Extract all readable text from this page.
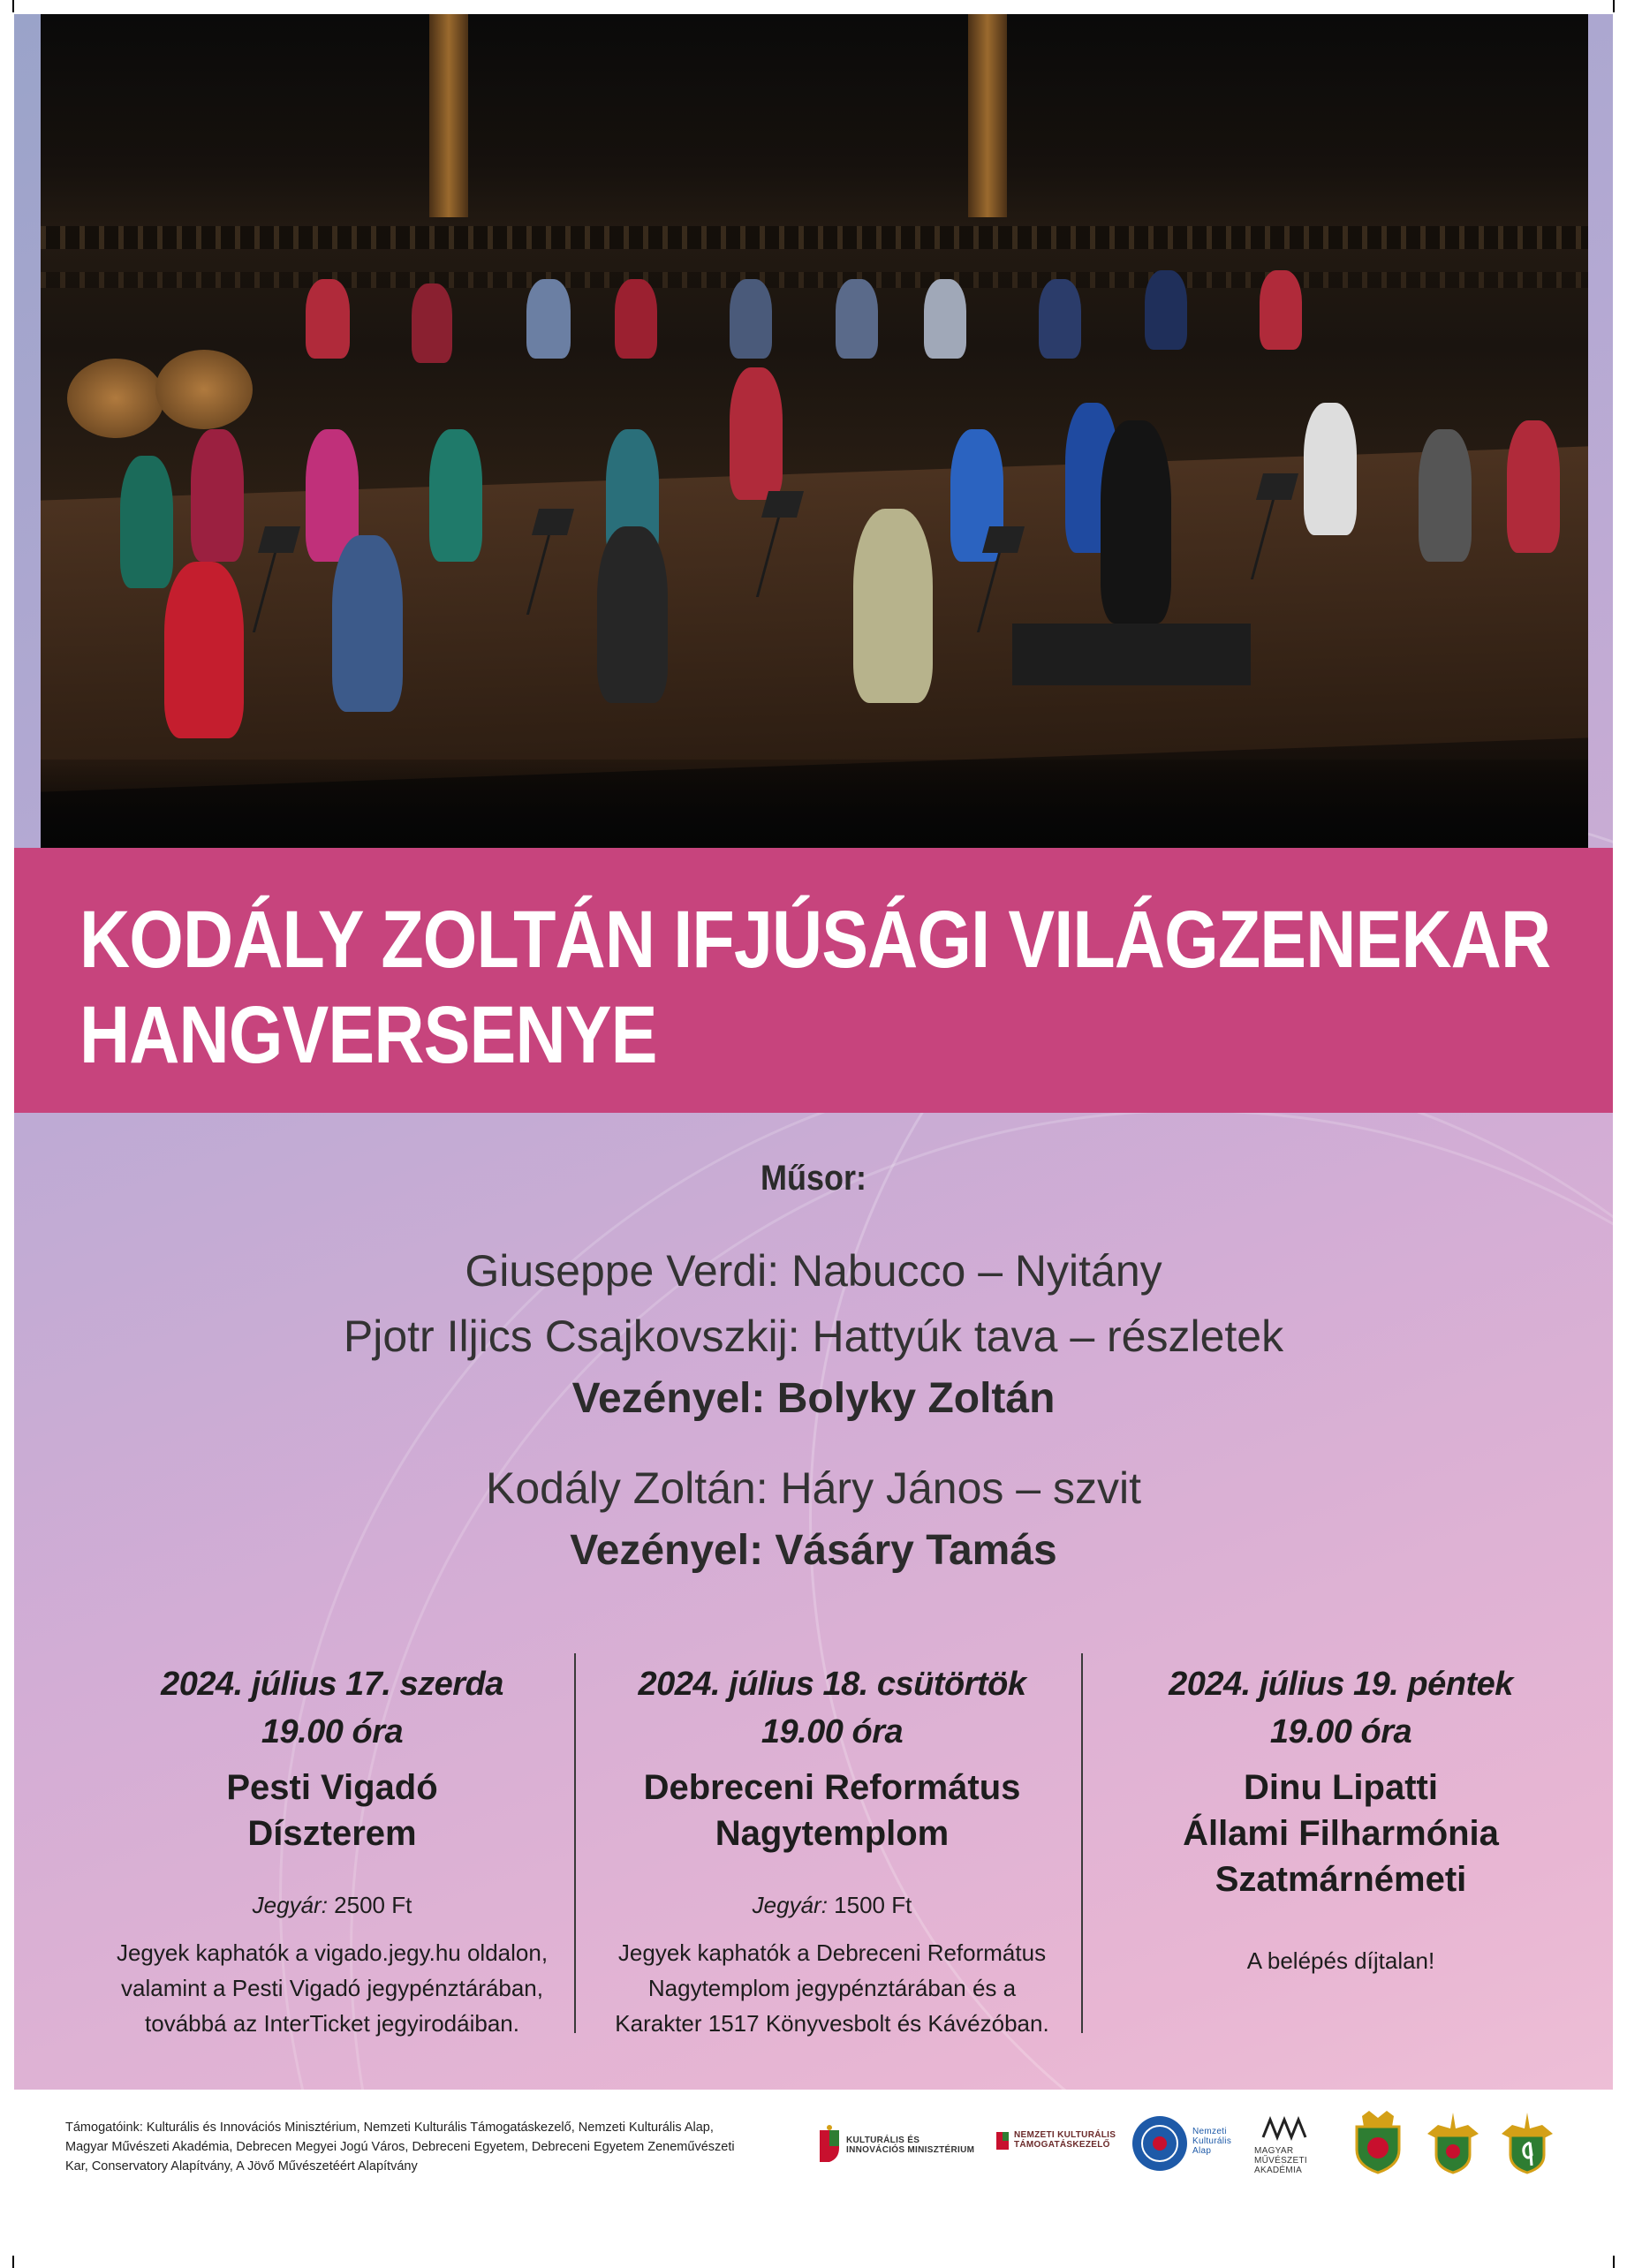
KODÁLY ZOLTÁN IFJÚSÁGI VILÁGZENEKAR
HANGVERSENYE
Műsor:
Giuseppe Verdi: Nabucco – Nyitány
Pjotr Iljics Csajkovszkij: Hattyúk tava – részletek
Vezényel: Bolyky Zoltán
Kodály Zoltán: Háry János – szvit
Vezényel: Vásáry Tamás
2024. július 17. szerda
19.00 óra
Pesti Vigadó
Díszterem
Jegyár: 2500 Ft
Jegyek kaphatók a vigado.jegy.hu oldalon,
valamint a Pesti Vigadó jegypénztárában,
továbbá az InterTicket jegyirodáiban.
2024. július 18. csütörtök
19.00 óra
Debreceni Református
Nagytemplom
Jegyár: 1500 Ft
Jegyek kaphatók a Debreceni Református
Nagytemplom jegypénztárában és a
Karakter 1517 Könyvesbolt és Kávézóban.
2024. július 19. péntek
19.00 óra
Dinu Lipatti
Állami Filharmónia
Szatmárnémeti
A belépés díjtalan!
Támogatóink: Kulturális és Innovációs Minisztérium, Nemzeti Kulturális Támogatáskezelő, Nemzeti Kulturális Alap, Magyar Művészeti Akadémia, Debrecen Megyei Jogú Város, Debreceni Egyetem, Debreceni Egyetem Zeneművészeti Kar, Conservatory Alapítvány, A Jövő Művészetéért Alapítvány
KULTURÁLIS ÉS INNOVÁCIÓS MINISZTÉRIUM
NEMZETI KULTURÁLIS TÁMOGATÁSKEZELŐ
Nemzeti Kulturális Alap	MAGYAR MŰVÉSZETI AKADÉMIA
